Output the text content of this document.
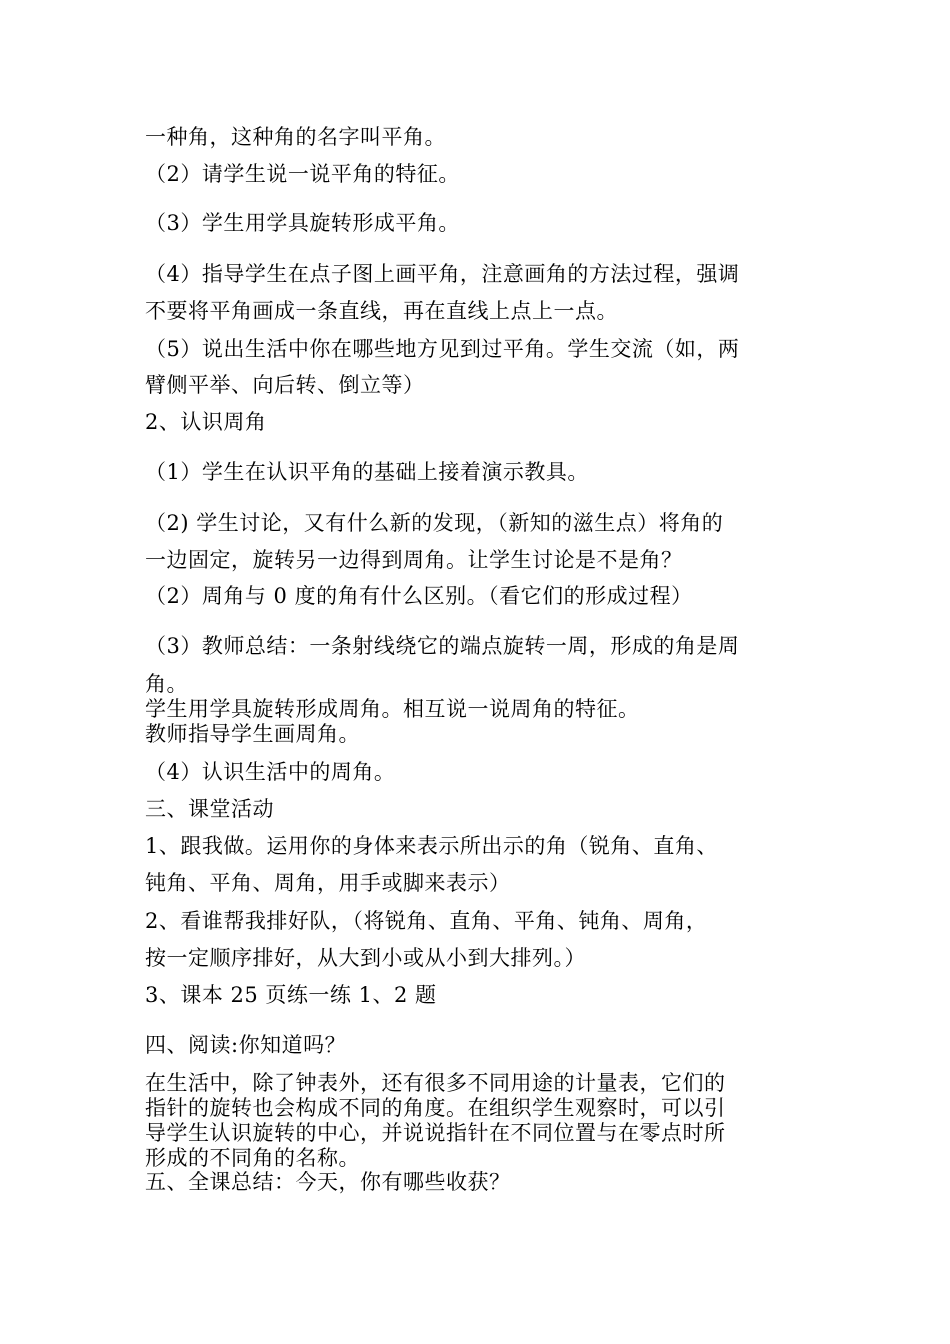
一种角，这种角的名字叫平角。
（2）请学生说一说平角的特征。
（3）学生用学具旋转形成平角。
（4）指导学生在点子图上画平角，注意画角的方法过程，强调
不要将平角画成一条直线，再在直线上点上一点。
（5）说出生活中你在哪些地方见到过平角。学生交流（如，两
臂侧平举、向后转、倒立等）
2、认识周角
（1）学生在认识平角的基础上接着演示教具。
（2) 学生讨论，又有什么新的发现，（新知的滋生点）将角的
一边固定，旋转另一边得到周角。让学生讨论是不是角？
（2）周角与 0 度的角有什么区别。（看它们的形成过程）
（3）教师总结：一条射线绕它的端点旋转一周，形成的角是周
角。
学生用学具旋转形成周角。相互说一说周角的特征。
教师指导学生画周角。
（4）认识生活中的周角。
三、课堂活动
1、跟我做。运用你的身体来表示所出示的角（锐角、直角、
钝角、平角、周角，用手或脚来表示）
2、看谁帮我排好队，（将锐角、直角、平角、钝角、周角，
按一定顺序排好，从大到小或从小到大排列。）
3、课本 25 页练一练 1、2 题
四、阅读:你知道吗？
在生活中，除了钟表外，还有很多不同用途的计量表，它们的
指针的旋转也会构成不同的角度。在组织学生观察时，可以引
导学生认识旋转的中心，并说说指针在不同位置与在零点时所
形成的不同角的名称。
五、全课总结：今天，你有哪些收获？
